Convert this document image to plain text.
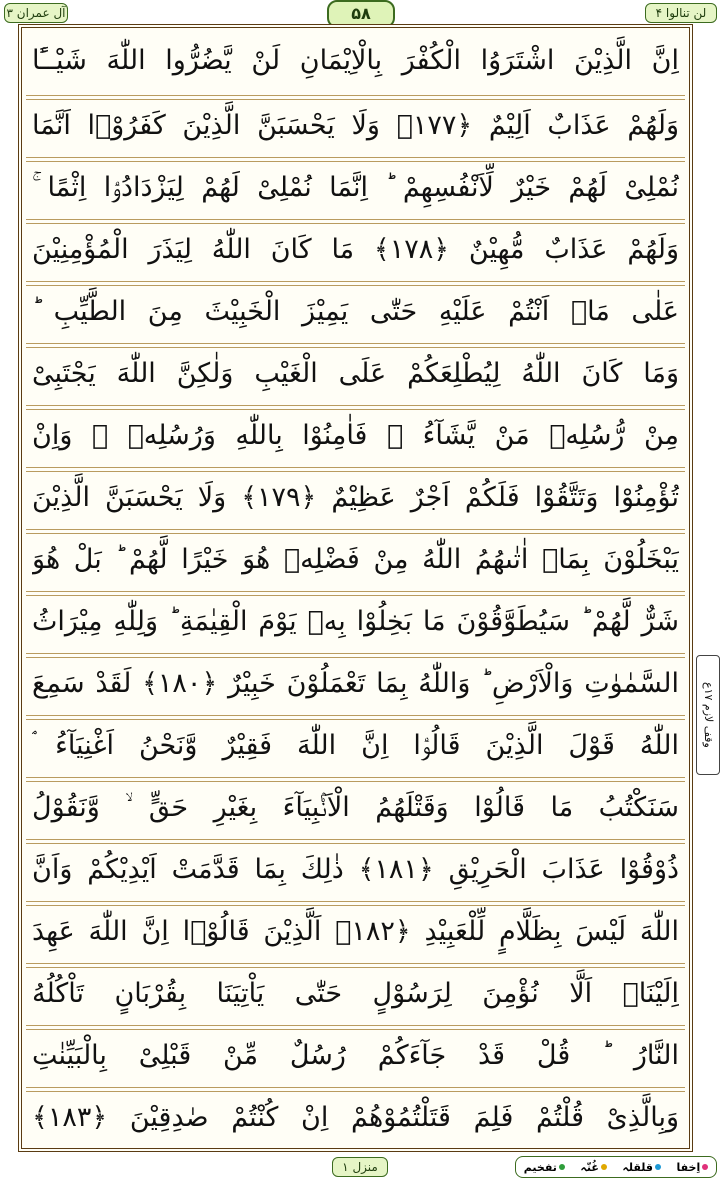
آل عمران ۳	۵۸	لن تنالوا ۴
اِنَّ الَّذِیْنَ اشْتَرَوُا الْكُفْرَ بِالْاِیْمَانِ لَنْ یَّضُرُّوا اللّٰهَ شَیْــًٔا
وَلَهُمْ عَذَابٌ اَلِیْمٌ ﴿۱۷۷﴾ وَلَا یَحْسَبَنَّ الَّذِیْنَ كَفَرُوْۤا اَنَّمَا
نُمْلِیْ لَهُمْ خَیْرٌ لِّاَنْفُسِهِمْ ؕ اِنَّمَا نُمْلِیْ لَهُمْ لِیَزْدَادُوْۤا اِثْمًا ۚ
وَلَهُمْ عَذَابٌ مُّهِیْنٌ ﴿۱۷۸﴾ مَا كَانَ اللّٰهُ لِیَذَرَ الْمُؤْمِنِیْنَ
عَلٰی مَاۤ اَنْتُمْ عَلَیْهِ حَتّٰی یَمِیْزَ الْخَبِیْثَ مِنَ الطَّیِّبِ ؕ
وَمَا كَانَ اللّٰهُ لِیُطْلِعَكُمْ عَلَی الْغَیْبِ وَلٰكِنَّ اللّٰهَ یَجْتَبِیْ
مِنْ رُّسُلِهٖ مَنْ یَّشَآءُ ۪ فَاٰمِنُوْا بِاللّٰهِ وَرُسُلِهٖ ۚ وَاِنْ
تُؤْمِنُوْا وَتَتَّقُوْا فَلَكُمْ اَجْرٌ عَظِیْمٌ ﴿۱۷۹﴾ وَلَا یَحْسَبَنَّ الَّذِیْنَ
یَبْخَلُوْنَ بِمَاۤ اٰتٰىهُمُ اللّٰهُ مِنْ فَضْلِهٖ هُوَ خَیْرًا لَّهُمْ ؕ بَلْ هُوَ
شَرٌّ لَّهُمْ ؕ سَیُطَوَّقُوْنَ مَا بَخِلُوْا بِهٖ یَوْمَ الْقِیٰمَةِ ؕ وَلِلّٰهِ مِیْرَاثُ
السَّمٰوٰتِ وَالْاَرْضِ ؕ وَاللّٰهُ بِمَا تَعْمَلُوْنَ خَبِیْرٌ ﴿۱۸۰﴾ لَقَدْ سَمِعَ
اللّٰهُ قَوْلَ الَّذِیْنَ قَالُوْۤا اِنَّ اللّٰهَ فَقِیْرٌ وَّنَحْنُ اَغْنِیَآءُ ۘ
سَنَكْتُبُ مَا قَالُوْا وَقَتْلَهُمُ الْاَنْۢبِیَآءَ بِغَیْرِ حَقٍّ ۙ وَّنَقُوْلُ
ذُوْقُوْا عَذَابَ الْحَرِیْقِ ﴿۱۸۱﴾ ذٰلِكَ بِمَا قَدَّمَتْ اَیْدِیْكُمْ وَاَنَّ
اللّٰهَ لَیْسَ بِظَلَّامٍ لِّلْعَبِیْدِ ﴿۱۸۲﴾ اَلَّذِیْنَ قَالُوْۤا اِنَّ اللّٰهَ عَهِدَ
اِلَیْنَاۤ اَلَّا نُؤْمِنَ لِرَسُوْلٍ حَتّٰی یَاْتِیَنَا بِقُرْبَانٍ تَاْكُلُهُ
النَّارُ ؕ قُلْ قَدْ جَآءَكُمْ رُسُلٌ مِّنْ قَبْلِیْ بِالْبَیِّنٰتِ
وَبِالَّذِیْ قُلْتُمْ فَلِمَ قَتَلْتُمُوْهُمْ اِنْ كُنْتُمْ صٰدِقِیْنَ ﴿۱۸۳﴾
وقف لازم ۱۷ع
منزل ۱	اِخفا
قلقلہ
غُنّہ
تفخیم
